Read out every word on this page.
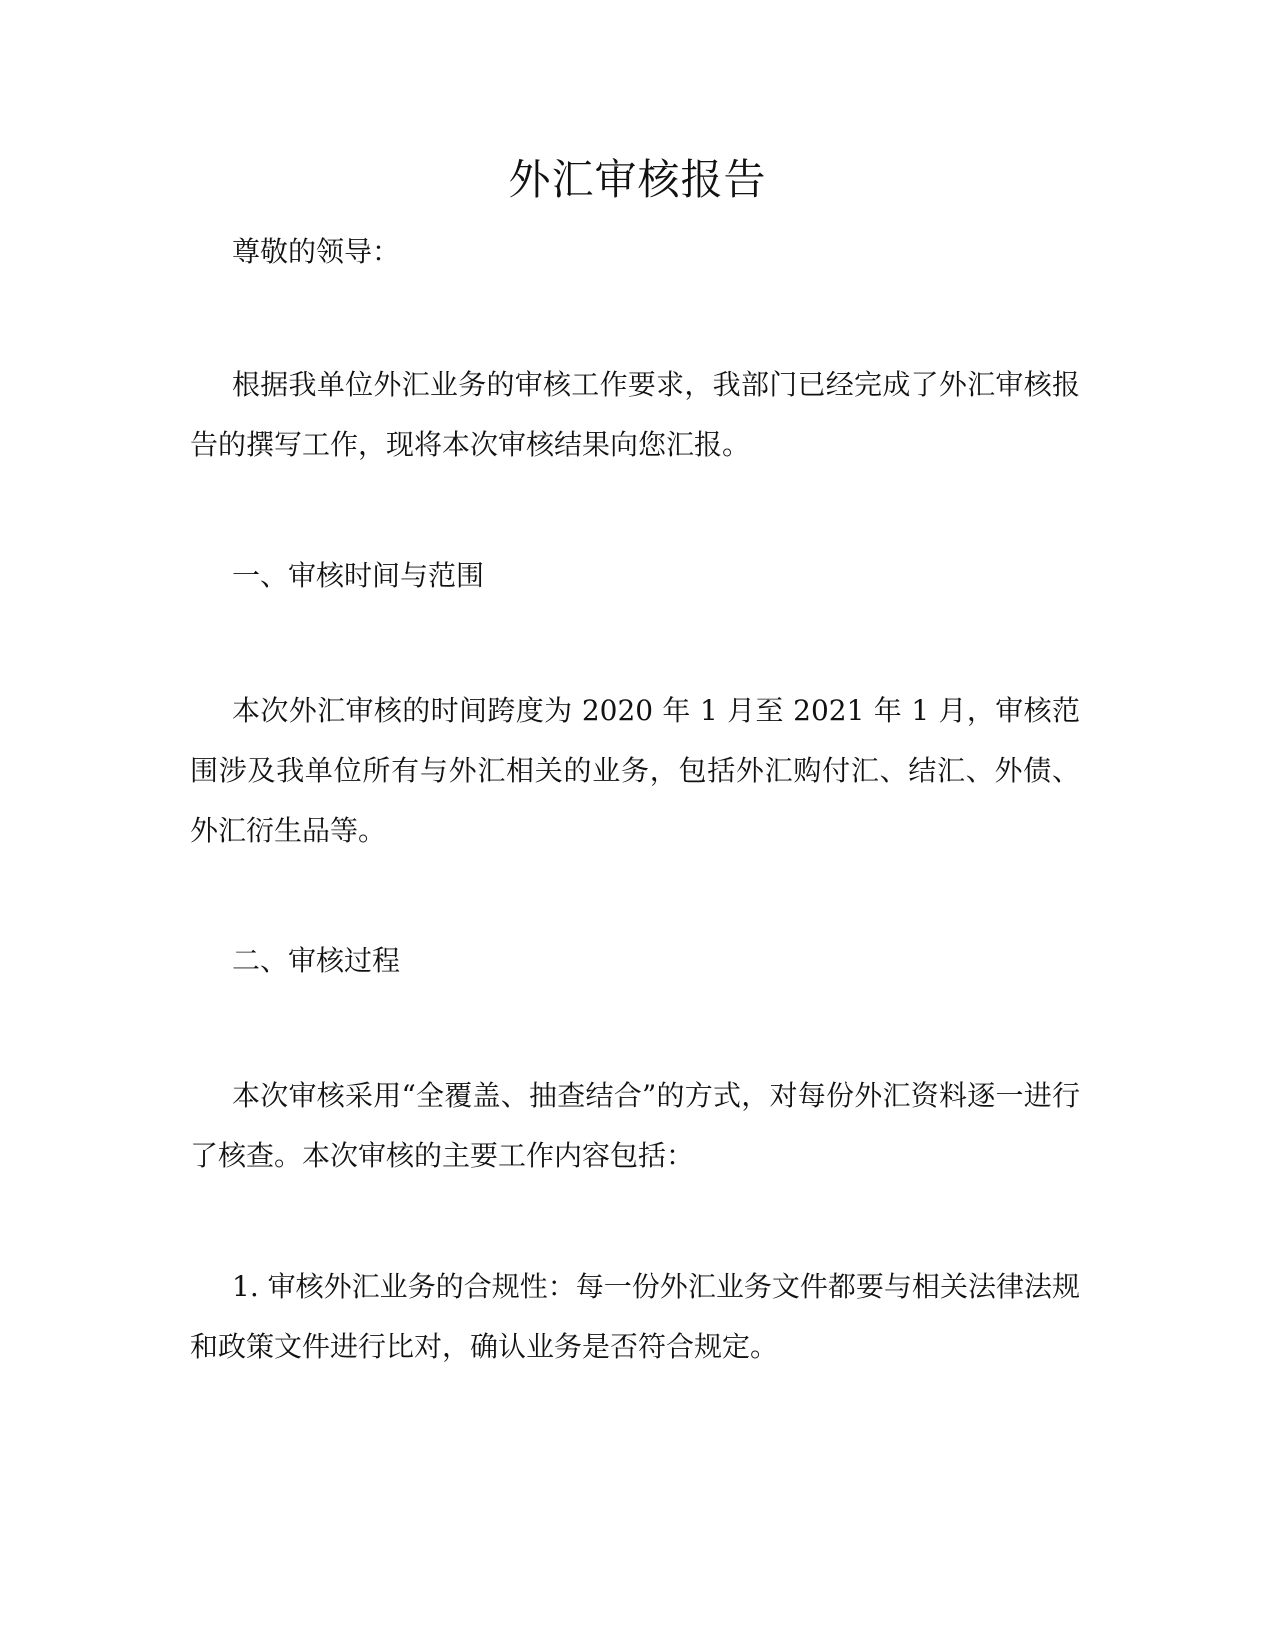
外汇审核报告

尊敬的领导：

根据我单位外汇业务的审核工作要求，我部门已经完成了外汇审核报告的撰写工作，现将本次审核结果向您汇报。

一、审核时间与范围

本次外汇审核的时间跨度为 2020 年 1 月至 2021 年 1 月，审核范围涉及我单位所有与外汇相关的业务，包括外汇购付汇、结汇、外债、外汇衍生品等。

二、审核过程

本次审核采用“全覆盖、抽查结合”的方式，对每份外汇资料逐一进行了核查。本次审核的主要工作内容包括：

1. 审核外汇业务的合规性：每一份外汇业务文件都要与相关法律法规和政策文件进行比对，确认业务是否符合规定。
